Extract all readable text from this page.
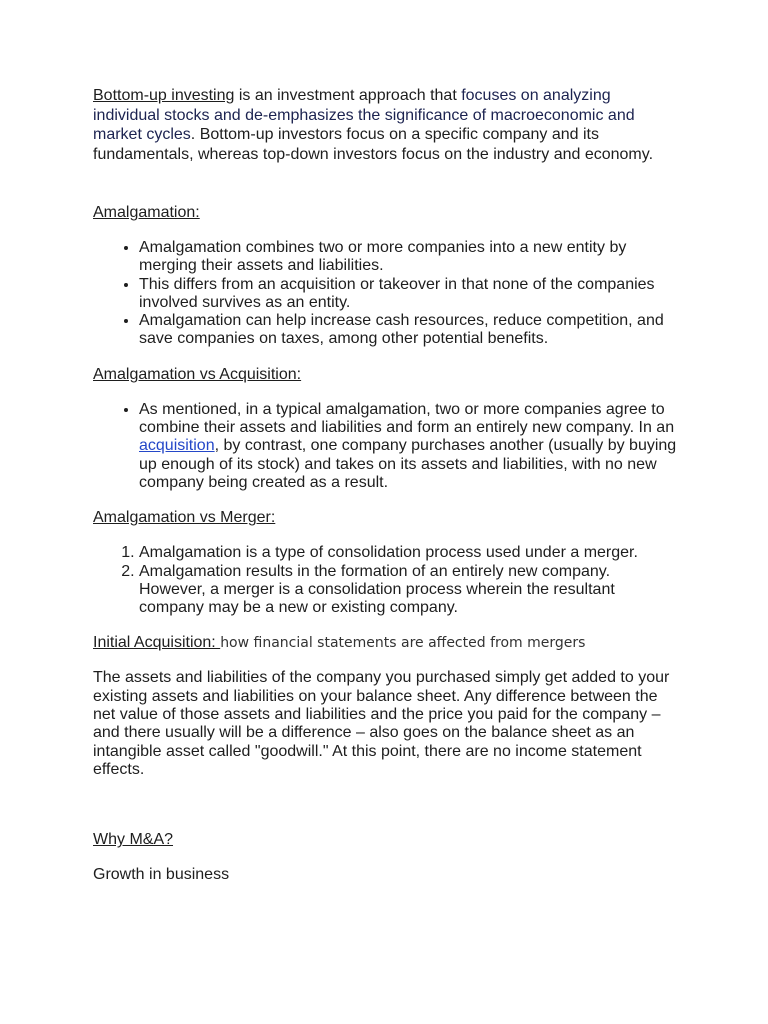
Bottom-up investing is an investment approach that focuses on analyzing individual stocks and de-emphasizes the significance of macroeconomic and market cycles. Bottom-up investors focus on a specific company and its fundamentals, whereas top-down investors focus on the industry and economy.

Amalgamation:

• Amalgamation combines two or more companies into a new entity by merging their assets and liabilities.
• This differs from an acquisition or takeover in that none of the companies involved survives as an entity.
• Amalgamation can help increase cash resources, reduce competition, and save companies on taxes, among other potential benefits.

Amalgamation vs Acquisition:

• As mentioned, in a typical amalgamation, two or more companies agree to combine their assets and liabilities and form an entirely new company. In an acquisition, by contrast, one company purchases another (usually by buying up enough of its stock) and takes on its assets and liabilities, with no new company being created as a result.

Amalgamation vs Merger:

1. Amalgamation is a type of consolidation process used under a merger.
2. Amalgamation results in the formation of an entirely new company. However, a merger is a consolidation process wherein the resultant company may be a new or existing company.

Initial Acquisition: how financial statements are affected from mergers

The assets and liabilities of the company you purchased simply get added to your existing assets and liabilities on your balance sheet. Any difference between the net value of those assets and liabilities and the price you paid for the company – and there usually will be a difference – also goes on the balance sheet as an intangible asset called "goodwill." At this point, there are no income statement effects.

Why M&A?

Growth in business
